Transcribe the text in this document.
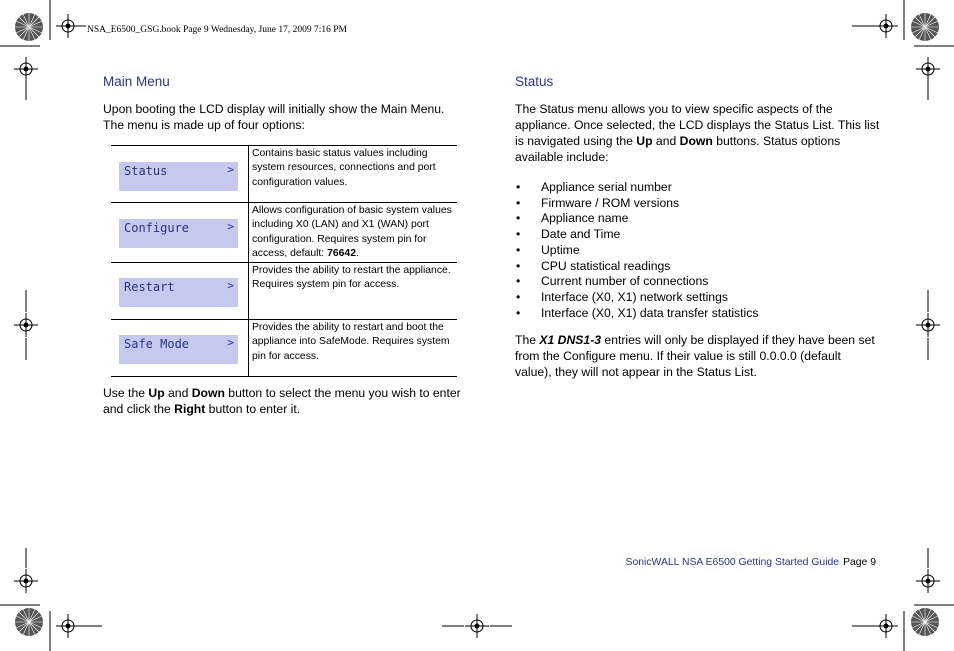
NSA_E6500_GSG.book Page 9 Wednesday, June 17, 2009 7:16 PM
Main Menu

Upon booting the LCD display will initially show the Main Menu. The menu is made up of four options:

Status >	Contains basic status values including system resources, connections and port configuration values.

Configure >	Allows configuration of basic system values including X0 (LAN) and X1 (WAN) port configuration. Requires system pin for access, default: 76642.

Restart >	Provides the ability to restart the appliance. Requires system pin for access.

Safe Mode >	Provides the ability to restart and boot the appliance into SafeMode. Requires system pin for access.

Use the Up and Down button to select the menu you wish to enter and click the Right button to enter it.

Status

The Status menu allows you to view specific aspects of the appliance. Once selected, the LCD displays the Status List. This list is navigated using the Up and Down buttons. Status options available include:

• Appliance serial number
• Firmware / ROM versions
• Appliance name
• Date and Time
• Uptime
• CPU statistical readings
• Current number of connections
• Interface (X0, X1) network settings
• Interface (X0, X1) data transfer statistics

The X1 DNS1-3 entries will only be displayed if they have been set from the Configure menu. If their value is still 0.0.0.0 (default value), they will not appear in the Status List.

SonicWALL NSA E6500 Getting Started Guide Page 9
